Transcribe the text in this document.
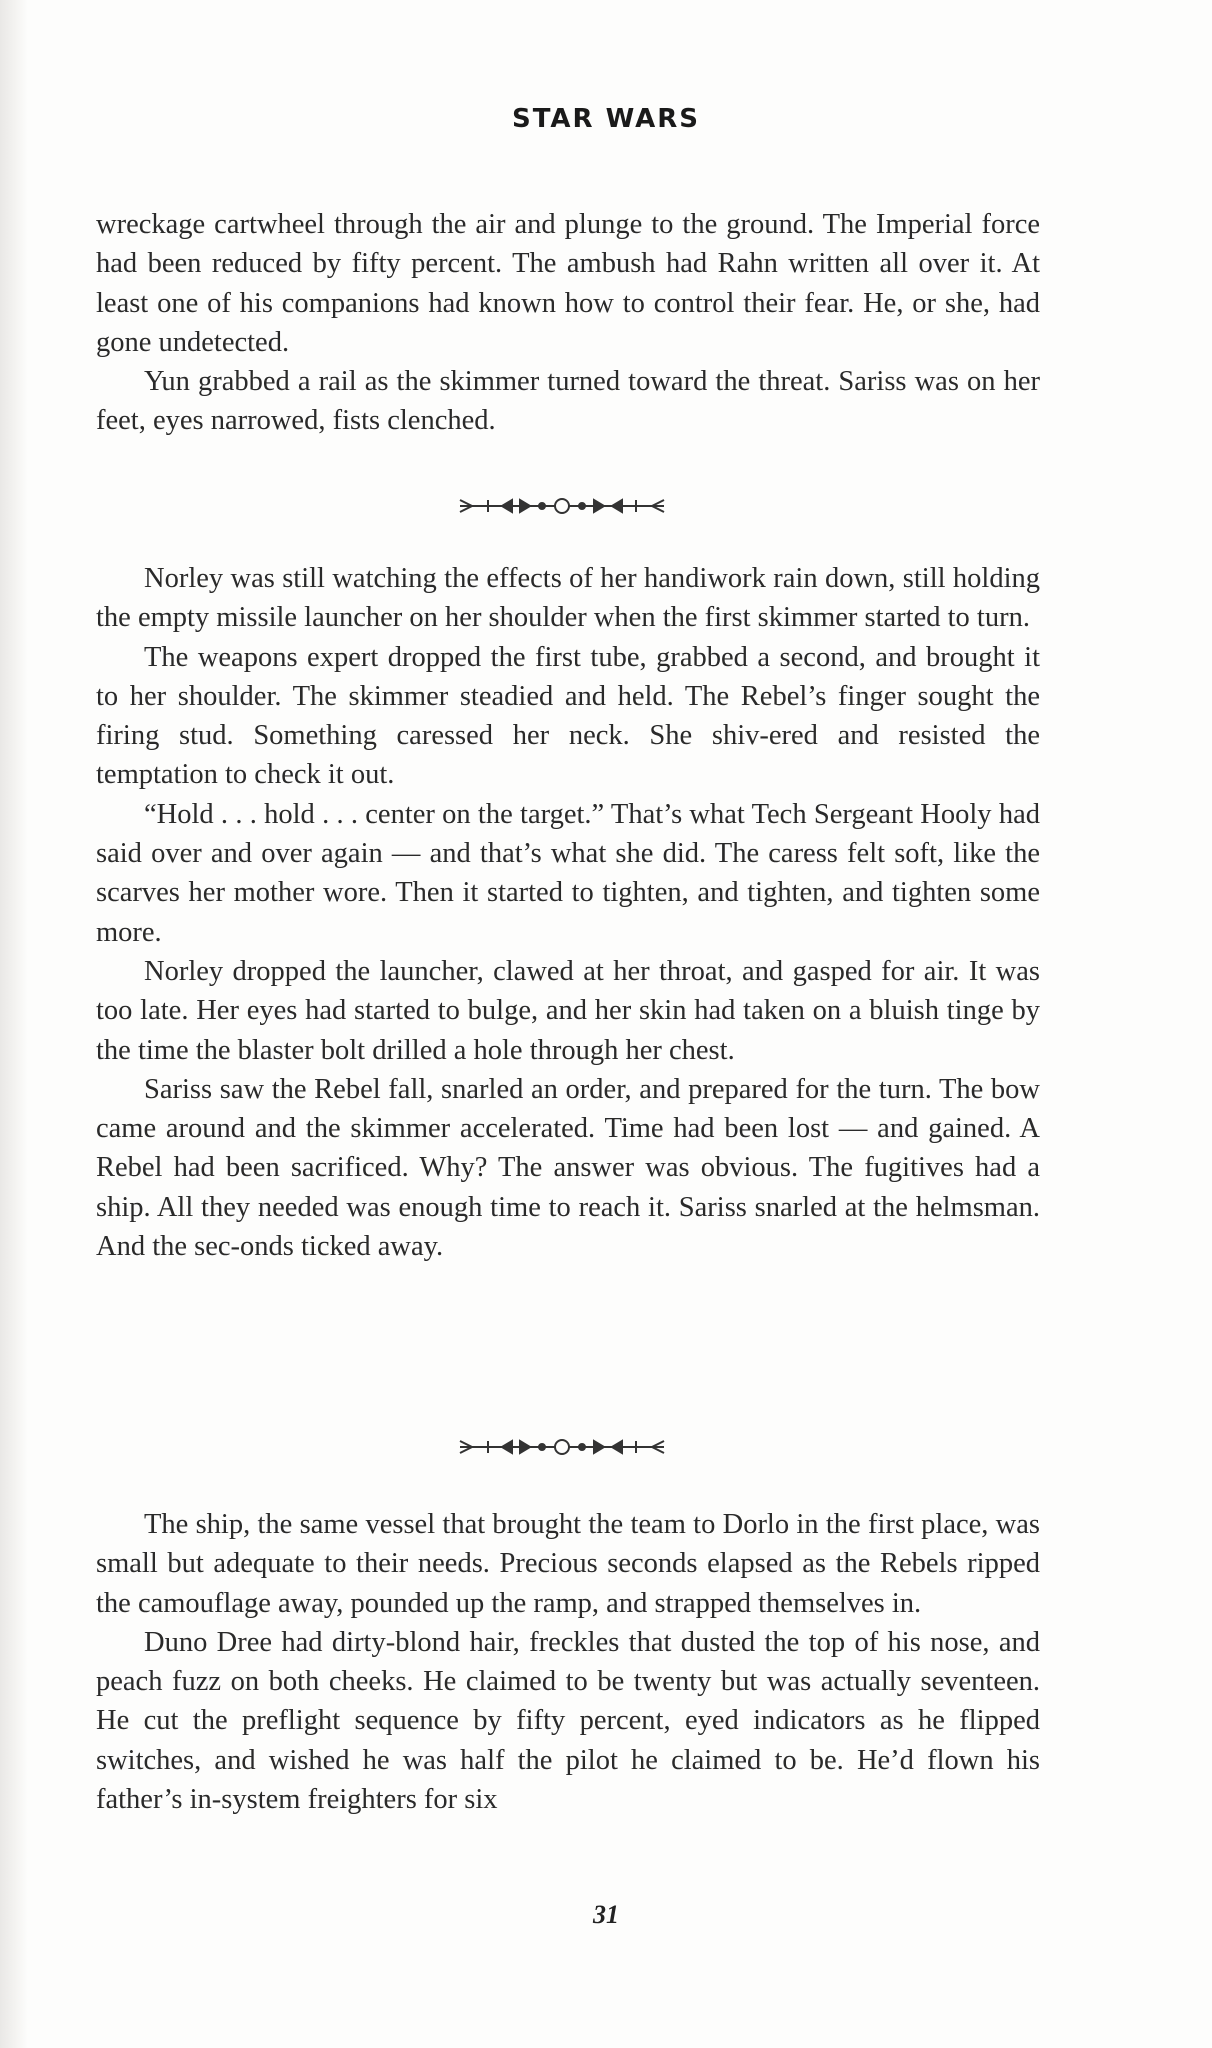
STAR WARS

wreckage cartwheel through the air and plunge to the ground. The Imperial force had been reduced by fifty percent. The ambush had Rahn written all over it. At least one of his companions had known how to control their fear. He, or she, had gone undetected.

Yun grabbed a rail as the skimmer turned toward the threat. Sariss was on her feet, eyes narrowed, fists clenched.

Norley was still watching the effects of her handiwork rain down, still holding the empty missile launcher on her shoulder when the first skimmer started to turn.

The weapons expert dropped the first tube, grabbed a second, and brought it to her shoulder. The skimmer steadied and held. The Rebel’s finger sought the firing stud. Something caressed her neck. She shiv-ered and resisted the temptation to check it out.

“Hold . . . hold . . . center on the target.” That’s what Tech Sergeant Hooly had said over and over again — and that’s what she did. The caress felt soft, like the scarves her mother wore. Then it started to tighten, and tighten, and tighten some more.

Norley dropped the launcher, clawed at her throat, and gasped for air. It was too late. Her eyes had started to bulge, and her skin had taken on a bluish tinge by the time the blaster bolt drilled a hole through her chest.

Sariss saw the Rebel fall, snarled an order, and prepared for the turn. The bow came around and the skimmer accelerated. Time had been lost — and gained. A Rebel had been sacrificed. Why? The answer was obvious. The fugitives had a ship. All they needed was enough time to reach it. Sariss snarled at the helmsman. And the sec-onds ticked away.

The ship, the same vessel that brought the team to Dorlo in the first place, was small but adequate to their needs. Precious seconds elapsed as the Rebels ripped the camouflage away, pounded up the ramp, and strapped themselves in.

Duno Dree had dirty-blond hair, freckles that dusted the top of his nose, and peach fuzz on both cheeks. He claimed to be twenty but was actually seventeen. He cut the preflight sequence by fifty percent, eyed indicators as he flipped switches, and wished he was half the pilot he claimed to be. He’d flown his father’s in-system freighters for six

31
